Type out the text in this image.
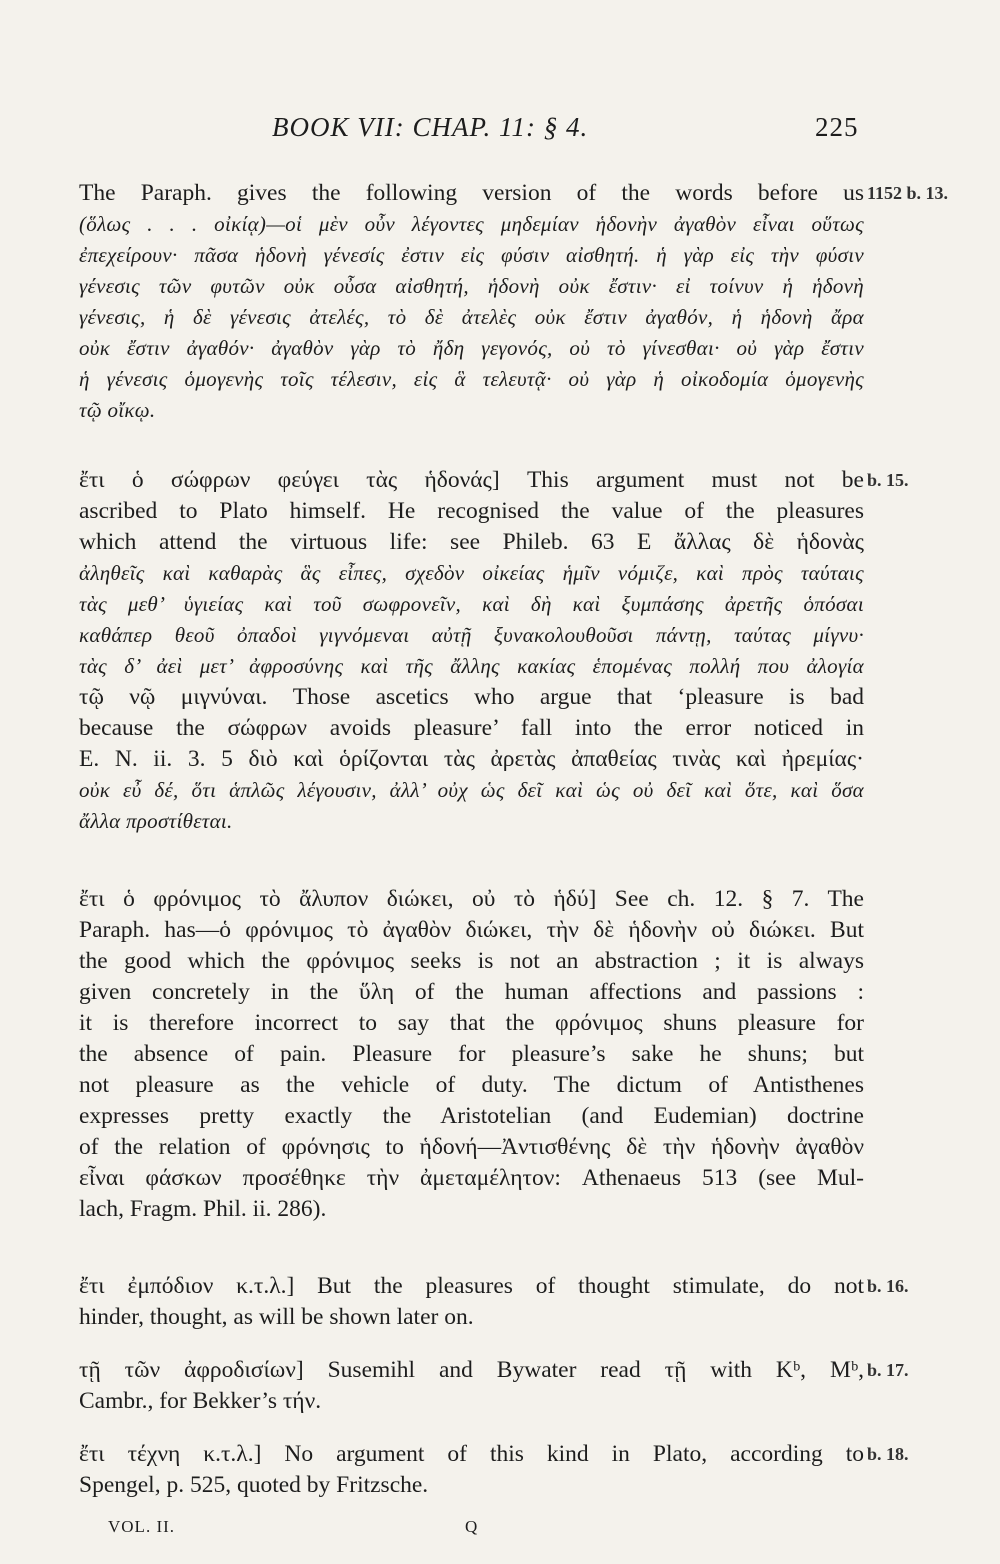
BOOK VII: CHAP. 11: § 4.	225
The Paraph. gives the following version of the words before us
(ὅλως . . . οἰκίᾳ)—οἱ μὲν οὖν λέγοντες μηδεμίαν ἡδονὴν ἀγαθὸν εἶναι οὕτως
ἐπεχείρουν· πᾶσα ἡδονὴ γένεσίς ἐστιν εἰς φύσιν αἰσθητή. ἡ γὰρ εἰς τὴν φύσιν
γένεσις τῶν φυτῶν οὐκ οὖσα αἰσθητή, ἡδονὴ οὐκ ἔστιν· εἰ τοίνυν ἡ ἡδονὴ
γένεσις, ἡ δὲ γένεσις ἀτελές, τὸ δὲ ἀτελὲς οὐκ ἔστιν ἀγαθόν, ἡ ἡδονὴ ἄρα
οὐκ ἔστιν ἀγαθόν· ἀγαθὸν γὰρ τὸ ἤδη γεγονός, οὐ τὸ γίνεσθαι· οὐ γὰρ ἔστιν
ἡ γένεσις ὁμογενὴς τοῖς τέλεσιν, εἰς ἃ τελευτᾷ· οὐ γὰρ ἡ οἰκοδομία ὁμογενὴς
τῷ οἴκῳ.
1152 b. 13.
ἔτι ὁ σώφρων φεύγει τὰς ἡδονάς] This argument must not be
ascribed to Plato himself. He recognised the value of the pleasures
which attend the virtuous life: see Phileb. 63 E ἄλλας δὲ ἡδονὰς
ἀληθεῖς καὶ καθαρὰς ἃς εἶπες, σχεδὸν οἰκείας ἡμῖν νόμιζε, καὶ πρὸς ταύταις
τὰς μεθ’ ὑγιείας καὶ τοῦ σωφρονεῖν, καὶ δὴ καὶ ξυμπάσης ἀρετῆς ὁπόσαι
καθάπερ θεοῦ ὀπαδοὶ γιγνόμεναι αὐτῇ ξυνακολουθοῦσι πάντῃ, ταύτας μίγνυ·
τὰς δ’ ἀεὶ μετ’ ἀφροσύνης καὶ τῆς ἄλλης κακίας ἑπομένας πολλή που ἀλογία
τῷ νῷ μιγνύναι. Those ascetics who argue that ‘pleasure is bad
because the σώφρων avoids pleasure’ fall into the error noticed in
E. N. ii. 3. 5 διὸ καὶ ὁρίζονται τὰς ἀρετὰς ἀπαθείας τινὰς καὶ ἠρεμίας·
οὐκ εὖ δέ, ὅτι ἁπλῶς λέγουσιν, ἀλλ’ οὐχ ὡς δεῖ καὶ ὡς οὐ δεῖ καὶ ὅτε, καὶ ὅσα
ἄλλα προστίθεται.
b. 15.
ἔτι ὁ φρόνιμος τὸ ἄλυπον διώκει, οὐ τὸ ἡδύ] See ch. 12. § 7. The
Paraph. has—ὁ φρόνιμος τὸ ἀγαθὸν διώκει, τὴν δὲ ἡδονὴν οὐ διώκει. But
the good which the φρόνιμος seeks is not an abstraction ; it is always
given concretely in the ὕλη of the human affections and passions :
it is therefore incorrect to say that the φρόνιμος shuns pleasure for
the absence of pain. Pleasure for pleasure’s sake he shuns; but
not pleasure as the vehicle of duty. The dictum of Antisthenes
expresses pretty exactly the Aristotelian (and Eudemian) doctrine
of the relation of φρόνησις to ἡδονή—Ἀντισθένης δὲ τὴν ἡδονὴν ἀγαθὸν
εἶναι φάσκων προσέθηκε τὴν ἀμεταμέλητον: Athenaeus 513 (see Mul-
lach, Fragm. Phil. ii. 286).
ἔτι ἐμπόδιον κ.τ.λ.] But the pleasures of thought stimulate, do not
hinder, thought, as will be shown later on.
b. 16.
τῇ τῶν ἀφροδισίων] Susemihl and Bywater read τῇ with Kᵇ, Mᵇ,
Cambr., for Bekker’s τήν.
b. 17.
ἔτι τέχνη κ.τ.λ.] No argument of this kind in Plato, according to
Spengel, p. 525, quoted by Fritzsche.
b. 18.
VOL. II.	Q
